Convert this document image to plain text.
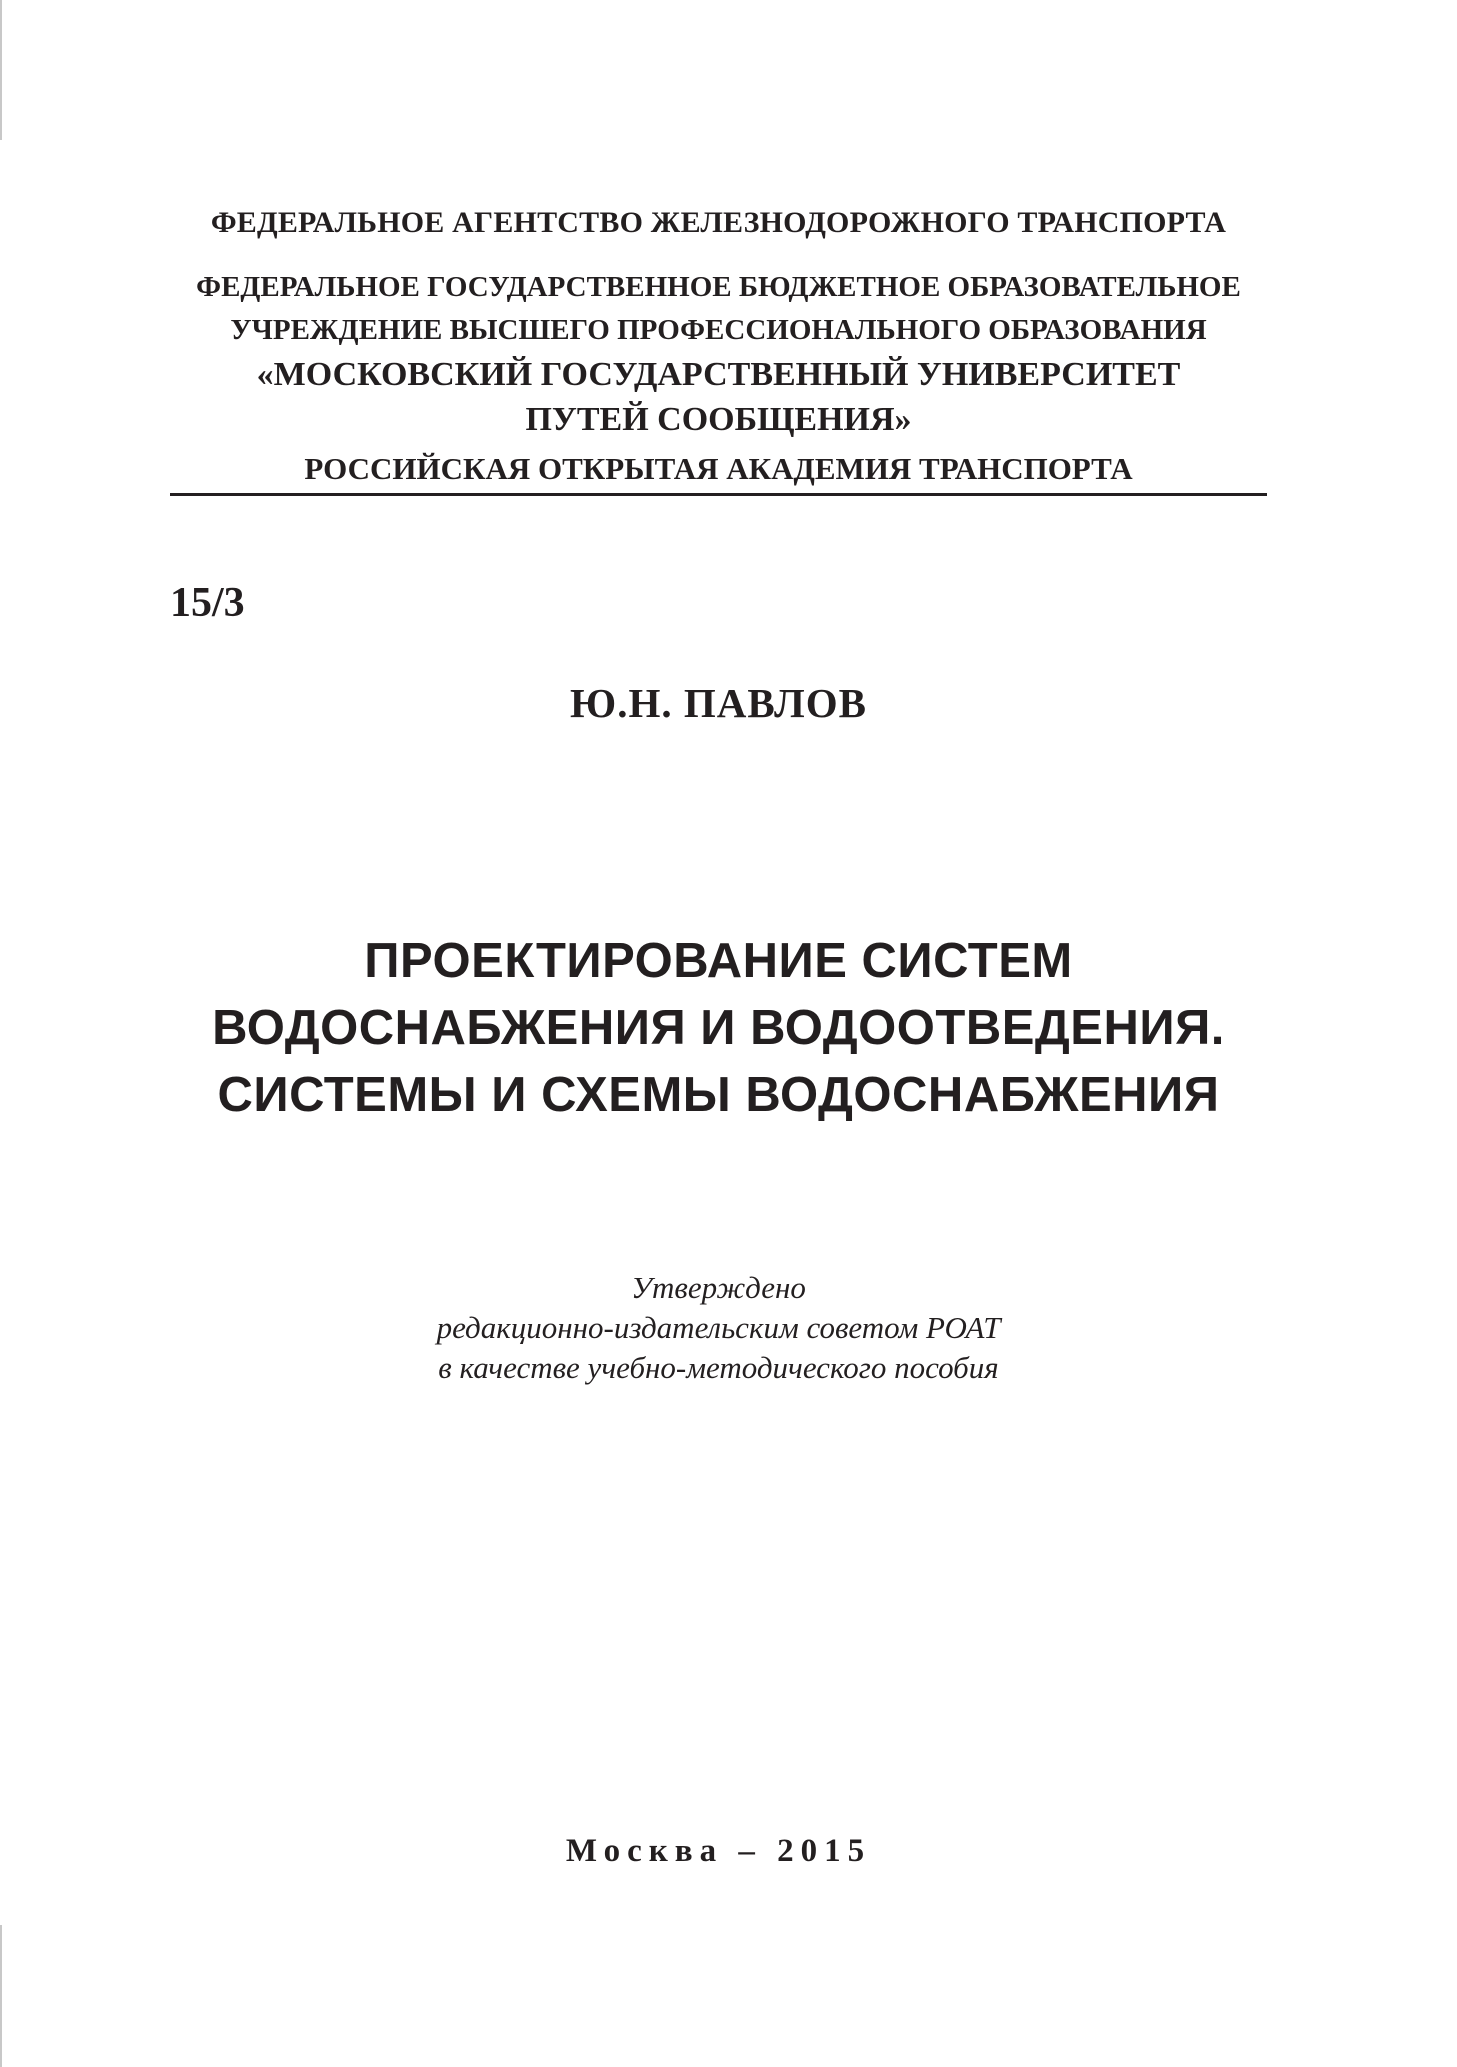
ФЕДЕРАЛЬНОЕ АГЕНТСТВО ЖЕЛЕЗНОДОРОЖНОГО ТРАНСПОРТА
ФЕДЕРАЛЬНОЕ ГОСУДАРСТВЕННОЕ БЮДЖЕТНОЕ ОБРАЗОВАТЕЛЬНОЕ
УЧРЕЖДЕНИЕ ВЫСШЕГО ПРОФЕССИОНАЛЬНОГО ОБРАЗОВАНИЯ
«МОСКОВСКИЙ ГОСУДАРСТВЕННЫЙ УНИВЕРСИТЕТ
ПУТЕЙ СООБЩЕНИЯ»
РОССИЙСКАЯ ОТКРЫТАЯ АКАДЕМИЯ ТРАНСПОРТА
15/3
Ю.Н. ПАВЛОВ
ПРОЕКТИРОВАНИЕ СИСТЕМ
ВОДОСНАБЖЕНИЯ И ВОДООТВЕДЕНИЯ.
СИСТЕМЫ И СХЕМЫ ВОДОСНАБЖЕНИЯ
Утверждено
редакционно-издательским советом РОАТ
в качестве учебно-методического пособия
Москва – 2015
